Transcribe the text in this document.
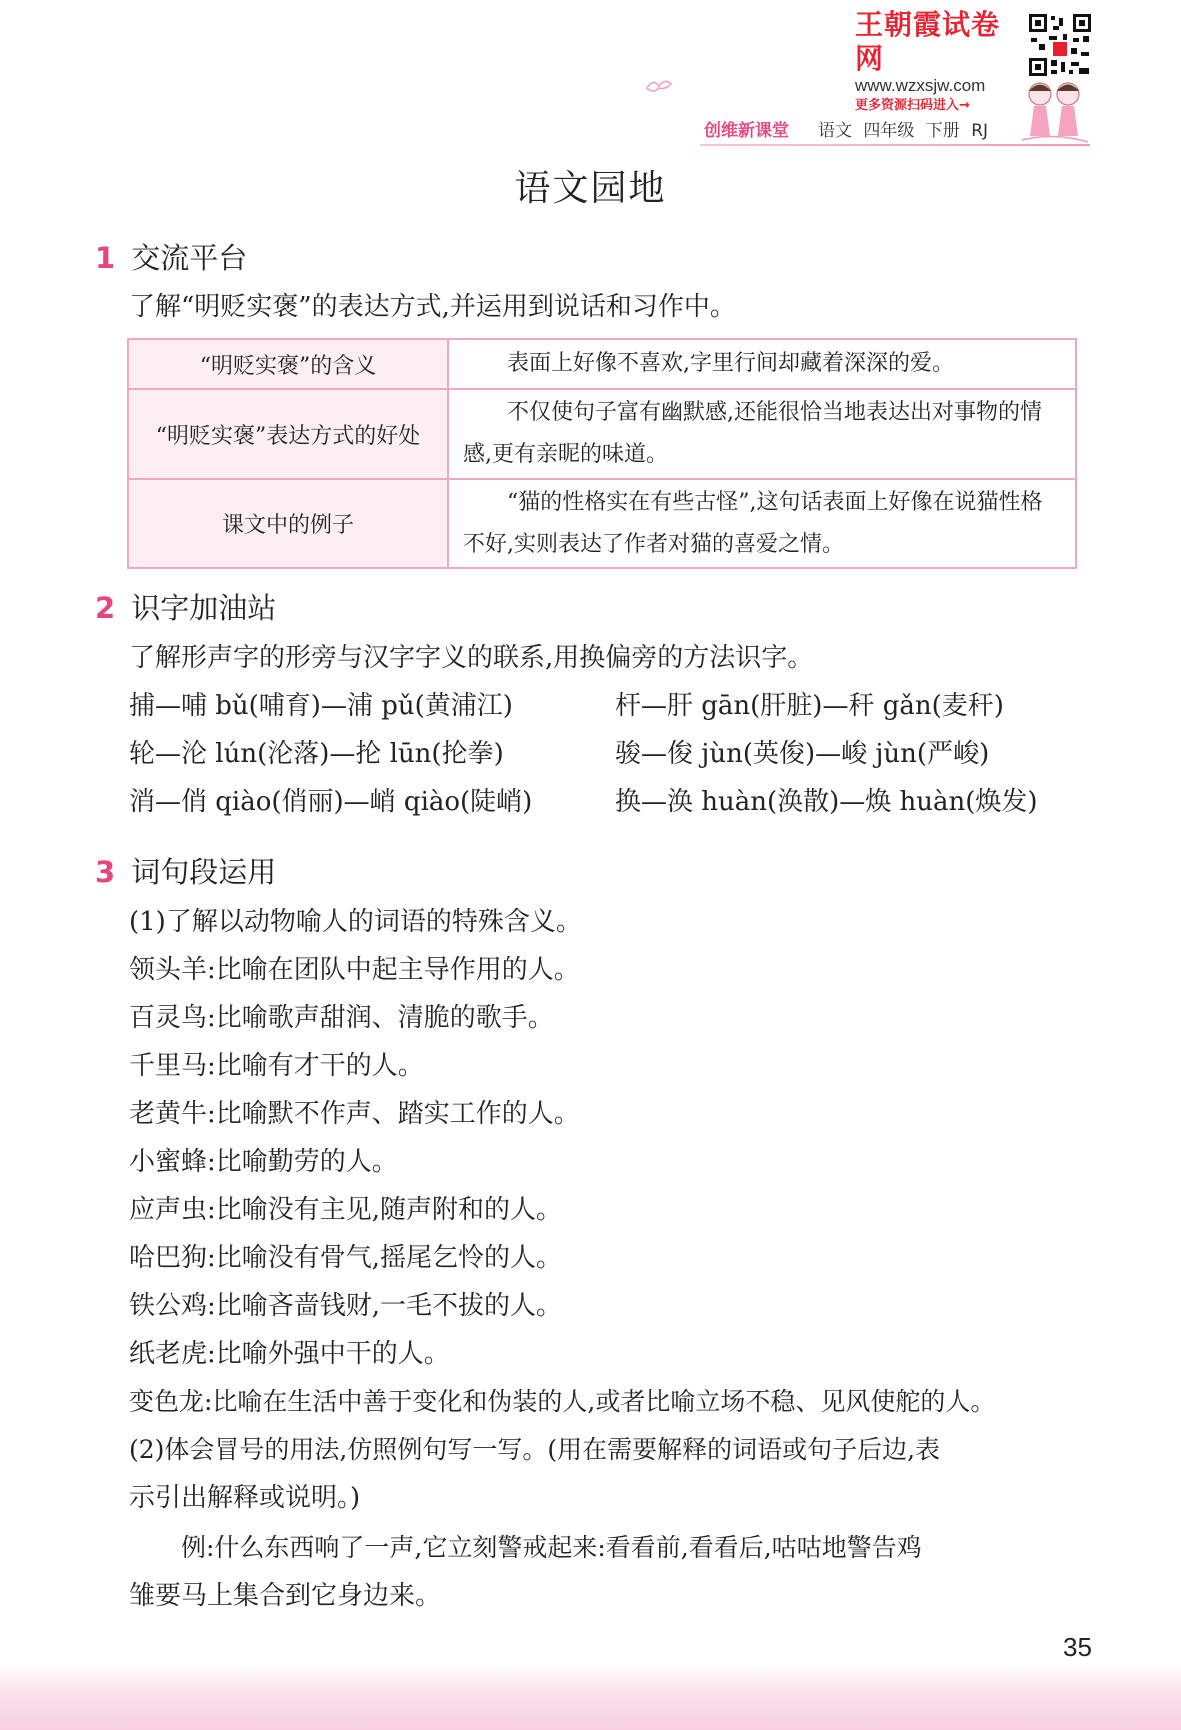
王朝霞试卷网
www.wzxsjw.com
更多资源扫码进入→
创维新课堂 语文 四年级 下册 RJ
语文园地
1 交流平台
了解“明贬实褒”的表达方式,并运用到说话和习作中。
“明贬实褒”的含义	表面上好像不喜欢,字里行间却藏着深深的爱。
“明贬实褒”表达方式的好处
不仅使句子富有幽默感,还能很恰当地表达出对事物的情感,更有亲昵的味道。
课文中的例子
“猫的性格实在有些古怪”,这句话表面上好像在说猫性格不好,实则表达了作者对猫的喜爱之情。
2 识字加油站
了解形声字的形旁与汉字字义的联系,用换偏旁的方法识字。
捕—哺 bǔ(哺育)—浦 pǔ(黄浦江)
轮—沦 lún(沦落)—抡 lūn(抡拳)
消—俏 qiào(俏丽)—峭 qiào(陡峭)
杆—肝 gān(肝脏)—秆 gǎn(麦秆)
骏—俊 jùn(英俊)—峻 jùn(严峻)
换—涣 huàn(涣散)—焕 huàn(焕发)
3 词句段运用
(1)了解以动物喻人的词语的特殊含义。
领头羊:比喻在团队中起主导作用的人。
百灵鸟:比喻歌声甜润、清脆的歌手。
千里马:比喻有才干的人。
老黄牛:比喻默不作声、踏实工作的人。
小蜜蜂:比喻勤劳的人。
应声虫:比喻没有主见,随声附和的人。
哈巴狗:比喻没有骨气,摇尾乞怜的人。
铁公鸡:比喻吝啬钱财,一毛不拔的人。
纸老虎:比喻外强中干的人。
变色龙:比喻在生活中善于变化和伪装的人,或者比喻立场不稳、见风使舵的人。
(2)体会冒号的用法,仿照例句写一写。(用在需要解释的词语或句子后边,表
示引出解释或说明。)
例:什么东西响了一声,它立刻警戒起来:看看前,看看后,咕咕地警告鸡
雏要马上集合到它身边来。
35
